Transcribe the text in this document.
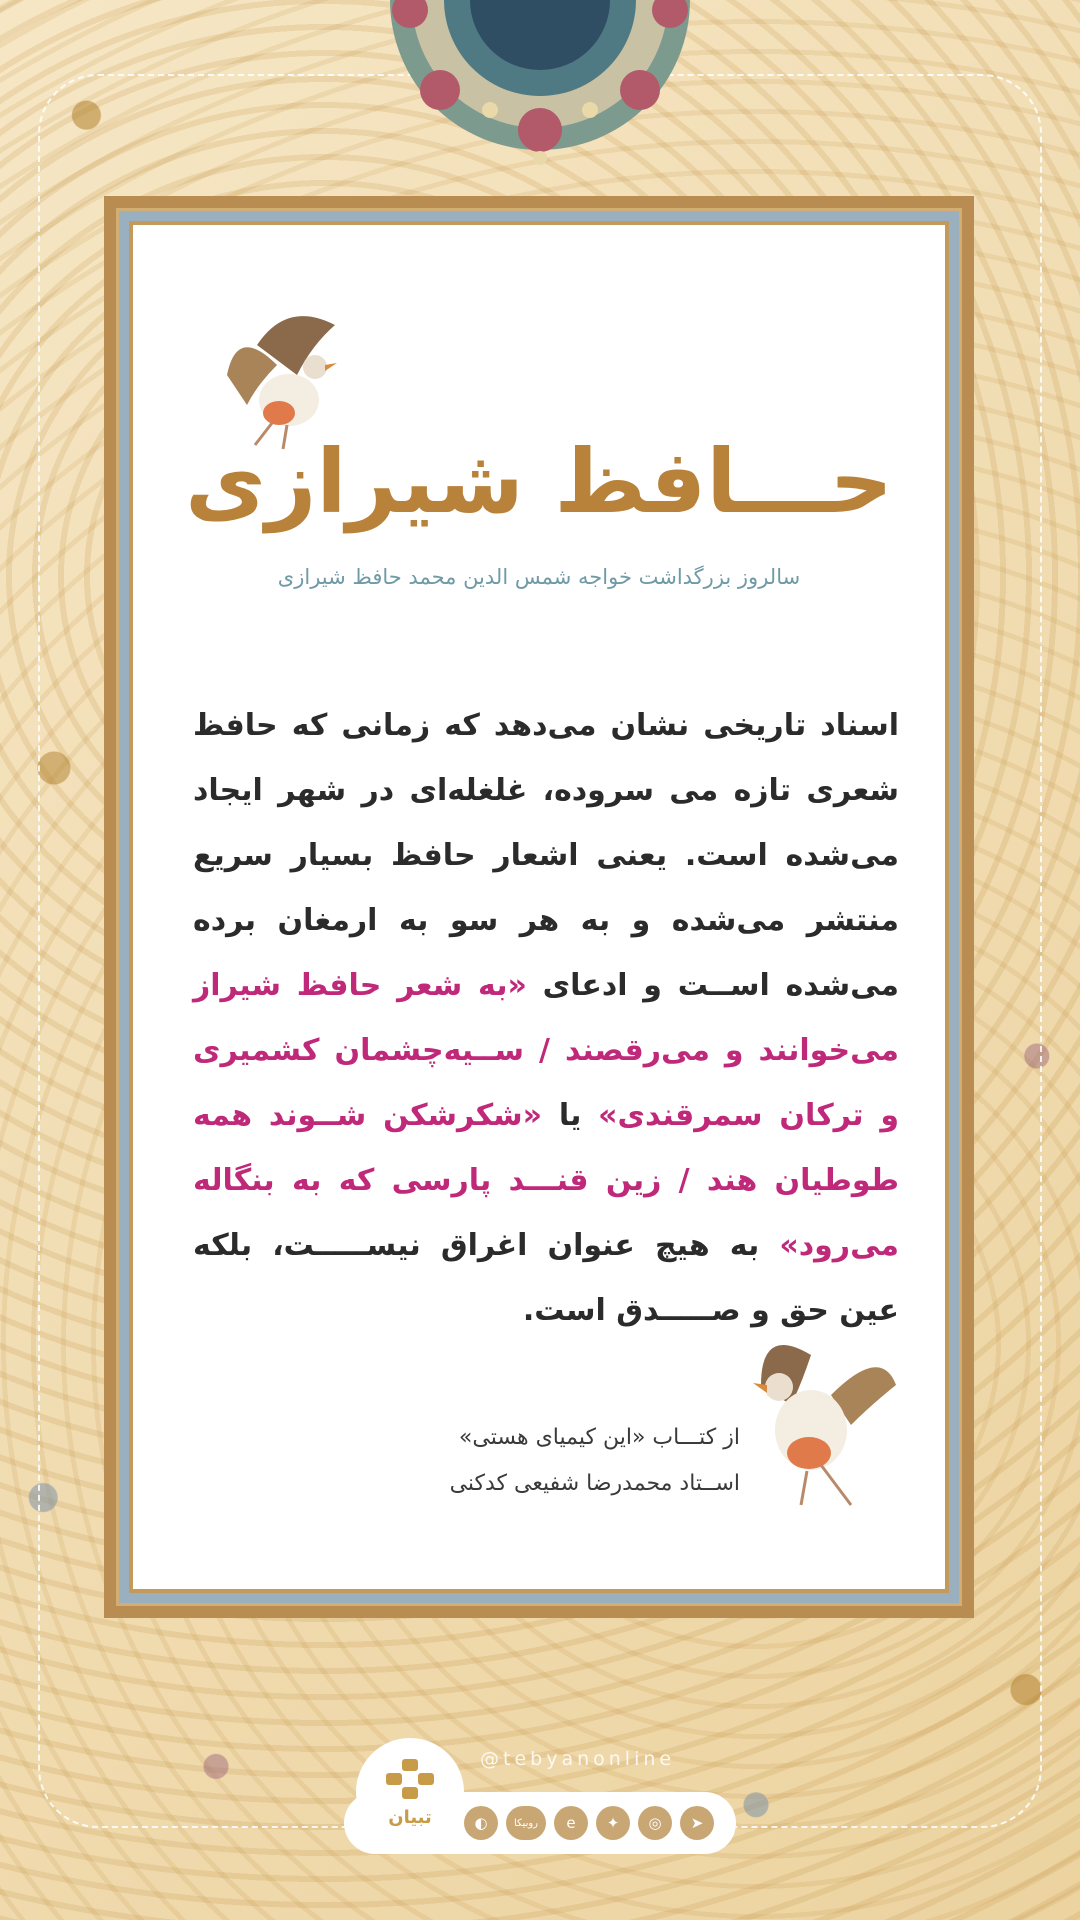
حـــافظ شیرازی
سالروز بزرگداشت خواجه شمس الدین محمد حافظ شیرازی
اسناد تاریخی نشان می‌دهد که زمانی که حافظ شعری تازه می سروده، غلغله‌ای در شهر ایجاد می‌شده است. یعنی اشعار حافظ بسیار سریع منتشر می‌شده و به هر سو به ارمغان برده می‌شده اســت و ادعای «به شعر حافظ شیراز می‌خوانند و می‌رقصند / ســیه‌چشمان کشمیری و ترکان سمرقندی» یا «شکرشکن شــوند همه طوطیان هند / زین قنـــد پارسی که به بنگاله می‌رود» به هیچ عنوان اغراق نیســـــت، بلکه عین حق و صـــــدق است.
از کتـــاب «این کیمیای هستی»
اســتاد محمدرضا شفیعی کدکنی
@tebyanonline
◐	روبیکا	e	✦	◎	➤
تبیان
